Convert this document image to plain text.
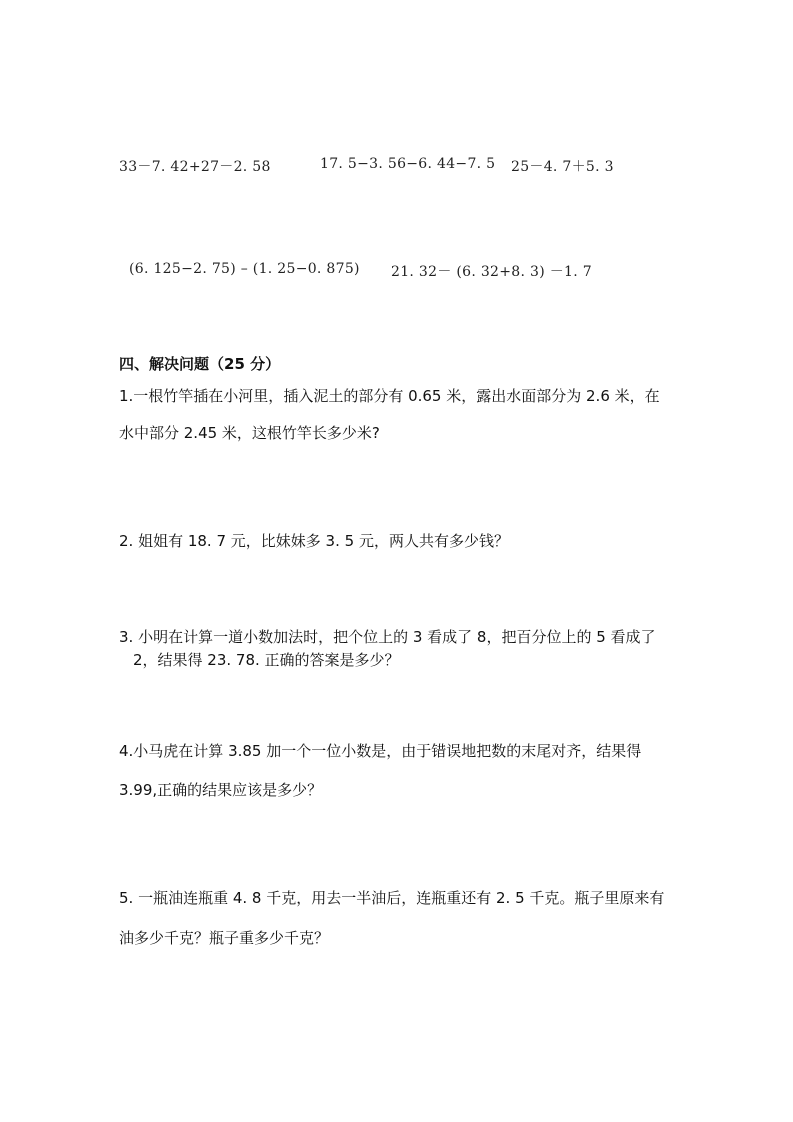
33－7. 42+27－2. 58	17. 5−3. 56−6. 44−7. 5 25－4. 7＋5. 3
(6. 125−2. 75) – (1. 25−0. 875) 21. 32－ (6. 32+8. 3) －1. 7
四、解决问题（25 分）
1.一根竹竿插在小河里，插入泥土的部分有 0.65 米，露出水面部分为 2.6 米，在
水中部分 2.45 米，这根竹竿长多少米?
2. 姐姐有 18. 7 元，比妹妹多 3. 5 元，两人共有多少钱？
3. 小明在计算一道小数加法时，把个位上的 3 看成了 8，把百分位上的 5 看成了
2，结果得 23. 78. 正确的答案是多少？
4.小马虎在计算 3.85 加一个一位小数是，由于错误地把数的末尾对齐，结果得
3.99,正确的结果应该是多少？
5. 一瓶油连瓶重 4. 8 千克，用去一半油后，连瓶重还有 2. 5 千克。瓶子里原来有
油多少千克？瓶子重多少千克？
